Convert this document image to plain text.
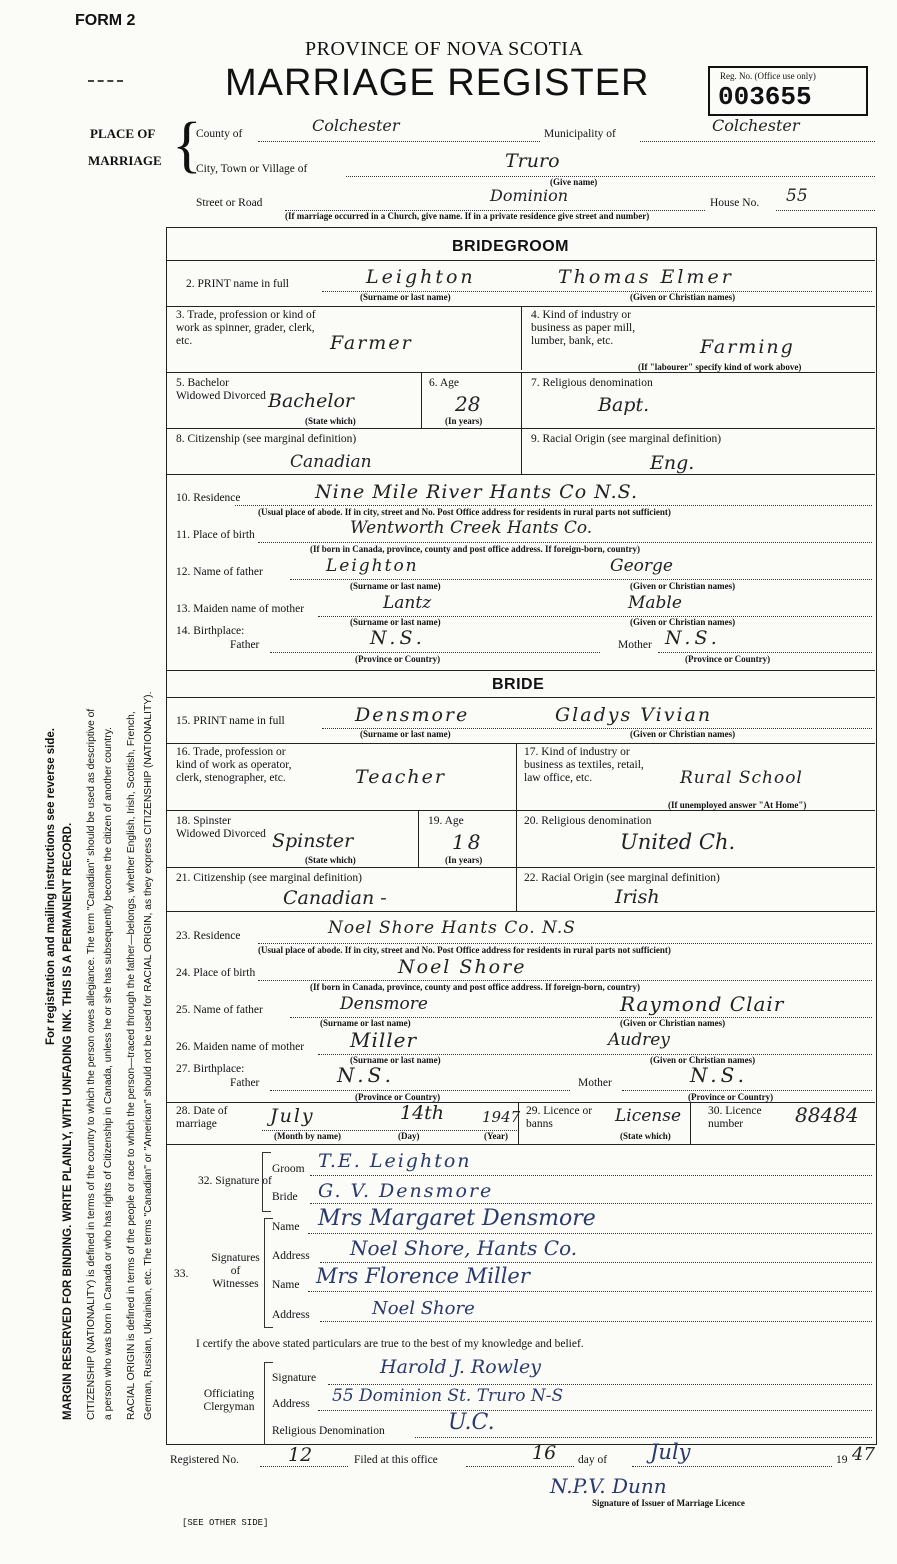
FORM 2
PROVINCE OF NOVA SCOTIA
MARRIAGE REGISTER	Reg. No. (Office use only)
003655
PLACE OF
MARRIAGE {
County of	Colchester	Municipality of	Colchester
City, Town or Village of	Truro
(Give name)
Street or Road	Dominion	House No. 55
(If marriage occurred in a Church, give name. If in a private residence give street and number)
BRIDEGROOM
2. PRINT name in full	Leighton	Thomas Elmer
(Surname or last name)	(Given or Christian names)
3. Trade, profession or kind of work as spinner, grader, clerk, etc.	Farmer
4. Kind of industry or business as paper mill, lumber, bank, etc.	Farming
(If "labourer" specify kind of work above)
5. Bachelor Widowed Divorced Bachelor
(State which)
6. Age
28
(In years)
7. Religious denomination
Bapt.
8. Citizenship (see marginal definition)
Canadian
9. Racial Origin (see marginal definition)
Eng.
10. Residence	Nine Mile River Hants Co N.S.
(Usual place of abode. If in city, street and No. Post Office address for residents in rural parts not sufficient)
11. Place of birth	Wentworth Creek Hants Co.
(If born in Canada, province, county and post office address. If foreign-born, country)
12. Name of father	Leighton	George
(Surname or last name)	(Given or Christian names)
13. Maiden name of mother	Lantz	Mable
(Surname or last name)	(Given or Christian names)
14. Birthplace:
Father	N.S.
(Province or Country)
Mother N.S.
(Province or Country)
BRIDE
15. PRINT name in full	Densmore	Gladys Vivian
(Surname or last name)	(Given or Christian names)
16. Trade, profession or kind of work as operator, clerk, stenographer, etc.	Teacher
17. Kind of industry or business as textiles, retail, law office, etc.	Rural School
(If unemployed answer "At Home")
18. Spinster Widowed Divorced Spinster
(State which)
19. Age
18
(In years)
20. Religious denomination
United Ch.
21. Citizenship (see marginal definition)
Canadian -
22. Racial Origin (see marginal definition)
Irish
23. Residence	Noel Shore Hants Co. N.S
(Usual place of abode. If in city, street and No. Post Office address for residents in rural parts not sufficient)
24. Place of birth	Noel Shore
(If born in Canada, province, county and post office address. If foreign-born, country)
25. Name of father	Densmore	Raymond Clair
(Surname or last name)	(Given or Christian names)
26. Maiden name of mother Miller	Audrey
(Surname or last name)	(Given or Christian names)
27. Birthplace:
Father	N.S.
(Province or Country)
Mother	N.S.
(Province or Country)
28. Date of marriage	July	14th	1947
(Month by name)	(Day)	(Year)
29. Licence or banns	License
(State which)
30. Licence number	88484
32. Signature of
Groom T.E. Leighton
Bride G. V. Densmore
Signatures of Witnesses
33.
Name Mrs Margaret Densmore
Address Noel Shore, Hants Co.
Name Mrs Florence Miller
Address	Noel Shore
I certify the above stated particulars are true to the best of my knowledge and belief.
Officiating Clergyman
Signature	Harold J. Rowley
Address 55 Dominion St. Truro N-S
Religious Denomination	U.C.
Registered No.	12	Filed at this office	16 day of July	19 47
N.P.V. Dunn
Signature of Issuer of Marriage Licence
[SEE OTHER SIDE]
For registration and mailing instructions see reverse side. MARGIN RESERVED FOR BINDING. WRITE PLAINLY, WITH UNFADING INK. THIS IS A PERMANENT RECORD. CITIZENSHIP (NATIONALITY) is defined in terms of the country to which the person owes allegiance. The term "Canadian" should be used as descriptive of a person who was born in Canada or who has rights of Citizenship in Canada, unless he or she has subsequently become the citizen of another country. RACIAL ORIGIN is defined in terms of the people or race to which the person—traced through the father—belongs, whether English, Irish, Scottish, French, German, Russian, Ukrainian, etc. The terms "Canadian" or "American" should not be used for RACIAL ORIGIN, as they express CITIZENSHIP (NATIONALITY).
